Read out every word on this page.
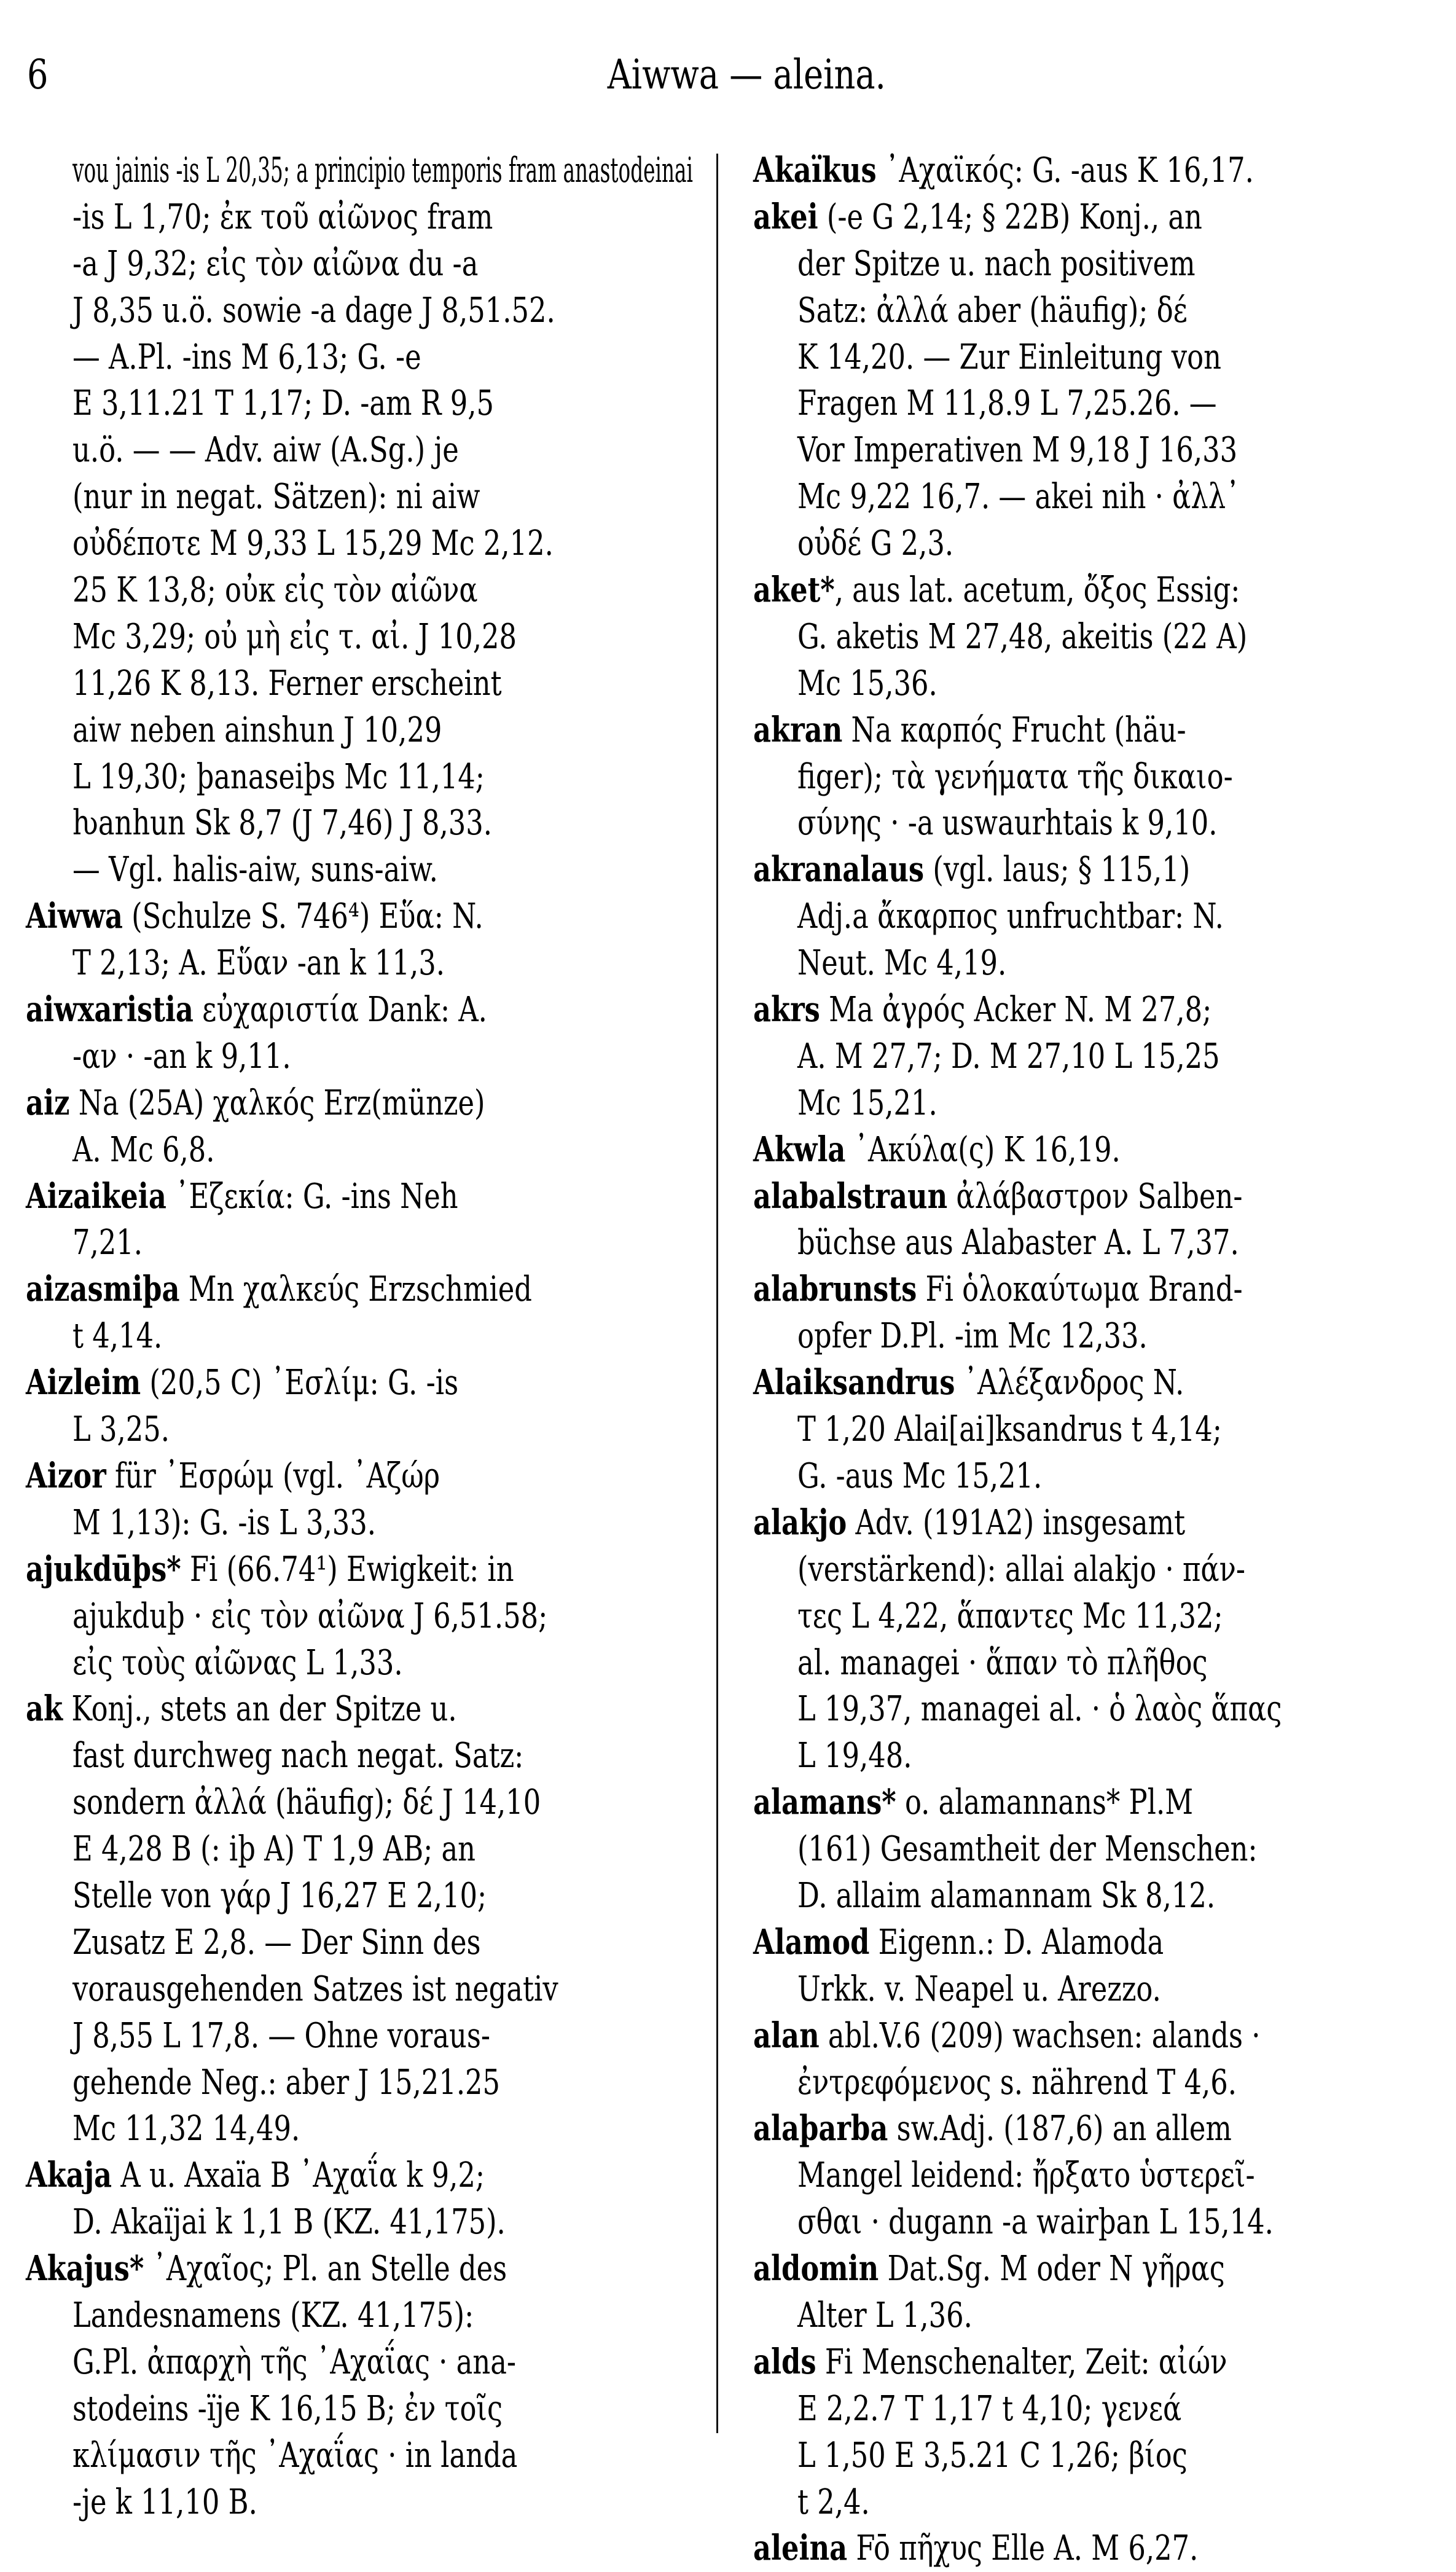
6	Aiwwa — aleina.
vou jainis -is L 20,35; a principio temporis fram anastodeinai
-is L 1,70; ἐκ τοῦ αἰῶνος fram
-a J 9,32; εἰς τὸν αἰῶνα du -a
J 8,35 u.ö. sowie -a dage J 8,51.52.
— A.Pl. -ins M 6,13; G. -e
E 3,11.21 T 1,17; D. -am R 9,5
u.ö. — — Adv. aiw (A.Sg.) je
(nur in negat. Sätzen): ni aiw
οὐδέποτε M 9,33 L 15,29 Mc 2,12.
25 K 13,8; οὐκ εἰς τὸν αἰῶνα
Mc 3,29; οὐ μὴ εἰς τ. αἰ. J 10,28
11,26 K 8,13. Ferner erscheint
aiw neben ainshun J 10,29
L 19,30; þanaseiþs Mc 11,14;
ƕanhun Sk 8,7 (J 7,46) J 8,33.
— Vgl. halis-aiw, suns-aiw.
Aiwwa (Schulze S. 746⁴) Εὕα: N.
T 2,13; A. Εὕαν -an k 11,3.
aiwxaristia εὐχαριστία Dank: A.
-αν · -an k 9,11.
aiz Na (25A) χαλκός Erz(münze)
A. Mc 6,8.
Aizaikeia ᾿Εζεκία: G. -ins Neh
7,21.
aizasmiþa Mn χαλκεύς Erzschmied
t 4,14.
Aizleim (20,5 C) ᾿Εσλίμ: G. -is
L 3,25.
Aizor für ᾿Εσρώμ (vgl. ᾿Αζώρ
M 1,13): G. -is L 3,33.
ajukdūþs* Fi (66.74¹) Ewigkeit: in
ajukduþ · εἰς τὸν αἰῶνα J 6,51.58;
εἰς τοὺς αἰῶνας L 1,33.
ak Konj., stets an der Spitze u.
fast durchweg nach negat. Satz:
sondern ἀλλά (häufig); δέ J 14,10
E 4,28 B (: iþ A) T 1,9 AB; an
Stelle von γάρ J 16,27 E 2,10;
Zusatz E 2,8. — Der Sinn des
vorausgehenden Satzes ist negativ
J 8,55 L 17,8. — Ohne voraus-
gehende Neg.: aber J 15,21.25
Mc 11,32 14,49.
Akaja A u. Axaïa B ᾿Αχαΐα k 9,2;
D. Akaïjai k 1,1 B (KZ. 41,175).
Akajus* ᾿Αχαῖος; Pl. an Stelle des
Landesnamens (KZ. 41,175):
G.Pl. ἀπαρχὴ τῆς ᾿Αχαΐας · ana-
stodeins -ïje K 16,15 B; ἐν τοῖς
κλίμασιν τῆς ᾿Αχαΐας · in landa
-je k 11,10 B.
Akaïkus ᾿Αχαϊκός: G. -aus K 16,17.
akei (-e G 2,14; § 22B) Konj., an
der Spitze u. nach positivem
Satz: ἀλλά aber (häufig); δέ
K 14,20. — Zur Einleitung von
Fragen M 11,8.9 L 7,25.26. —
Vor Imperativen M 9,18 J 16,33
Mc 9,22 16,7. — akei nih · ἀλλ᾿
οὐδέ G 2,3.
aket*, aus lat. acetum, ὄξος Essig:
G. aketis M 27,48, akeitis (22 A)
Mc 15,36.
akran Na καρπός Frucht (häu-
figer); τὰ γενήματα τῆς δικαιο-
σύνης · -a uswaurhtais k 9,10.
akranalaus (vgl. laus; § 115,1)
Adj.a ἄκαρπος unfruchtbar: N.
Neut. Mc 4,19.
akrs Ma ἀγρός Acker N. M 27,8;
A. M 27,7; D. M 27,10 L 15,25
Mc 15,21.
Akwla ᾿Ακύλα(ς) K 16,19.
alabalstraun ἀλάβαστρον Salben-
büchse aus Alabaster A. L 7,37.
alabrunsts Fi ὁλοκαύτωμα Brand-
opfer D.Pl. -im Mc 12,33.
Alaiksandrus ᾿Αλέξανδρος N.
T 1,20 Alai[ai]ksandrus t 4,14;
G. -aus Mc 15,21.
alakjo Adv. (191A2) insgesamt
(verstärkend): allai alakjo · πάν-
τες L 4,22, ἅπαντες Mc 11,32;
al. managei · ἅπαν τὸ πλῆθος
L 19,37, managei al. · ὁ λαὸς ἅπας
L 19,48.
alamans* o. alamannans* Pl.M
(161) Gesamtheit der Menschen:
D. allaim alamannam Sk 8,12.
Alamod Eigenn.: D. Alamoda
Urkk. v. Neapel u. Arezzo.
alan abl.V.6 (209) wachsen: alands ·
ἐντρεφόμενος s. nährend T 4,6.
alaþarba sw.Adj. (187,6) an allem
Mangel leidend: ἤρξατο ὑστερεῖ-
σθαι · dugann -a wairþan L 15,14.
aldomin Dat.Sg. M oder N γῆρας
Alter L 1,36.
alds Fi Menschenalter, Zeit: αἰών
E 2,2.7 T 1,17 t 4,10; γενεά
L 1,50 E 3,5.21 C 1,26; βίος
t 2,4.
aleina Fō πῆχυς Elle A. M 6,27.
